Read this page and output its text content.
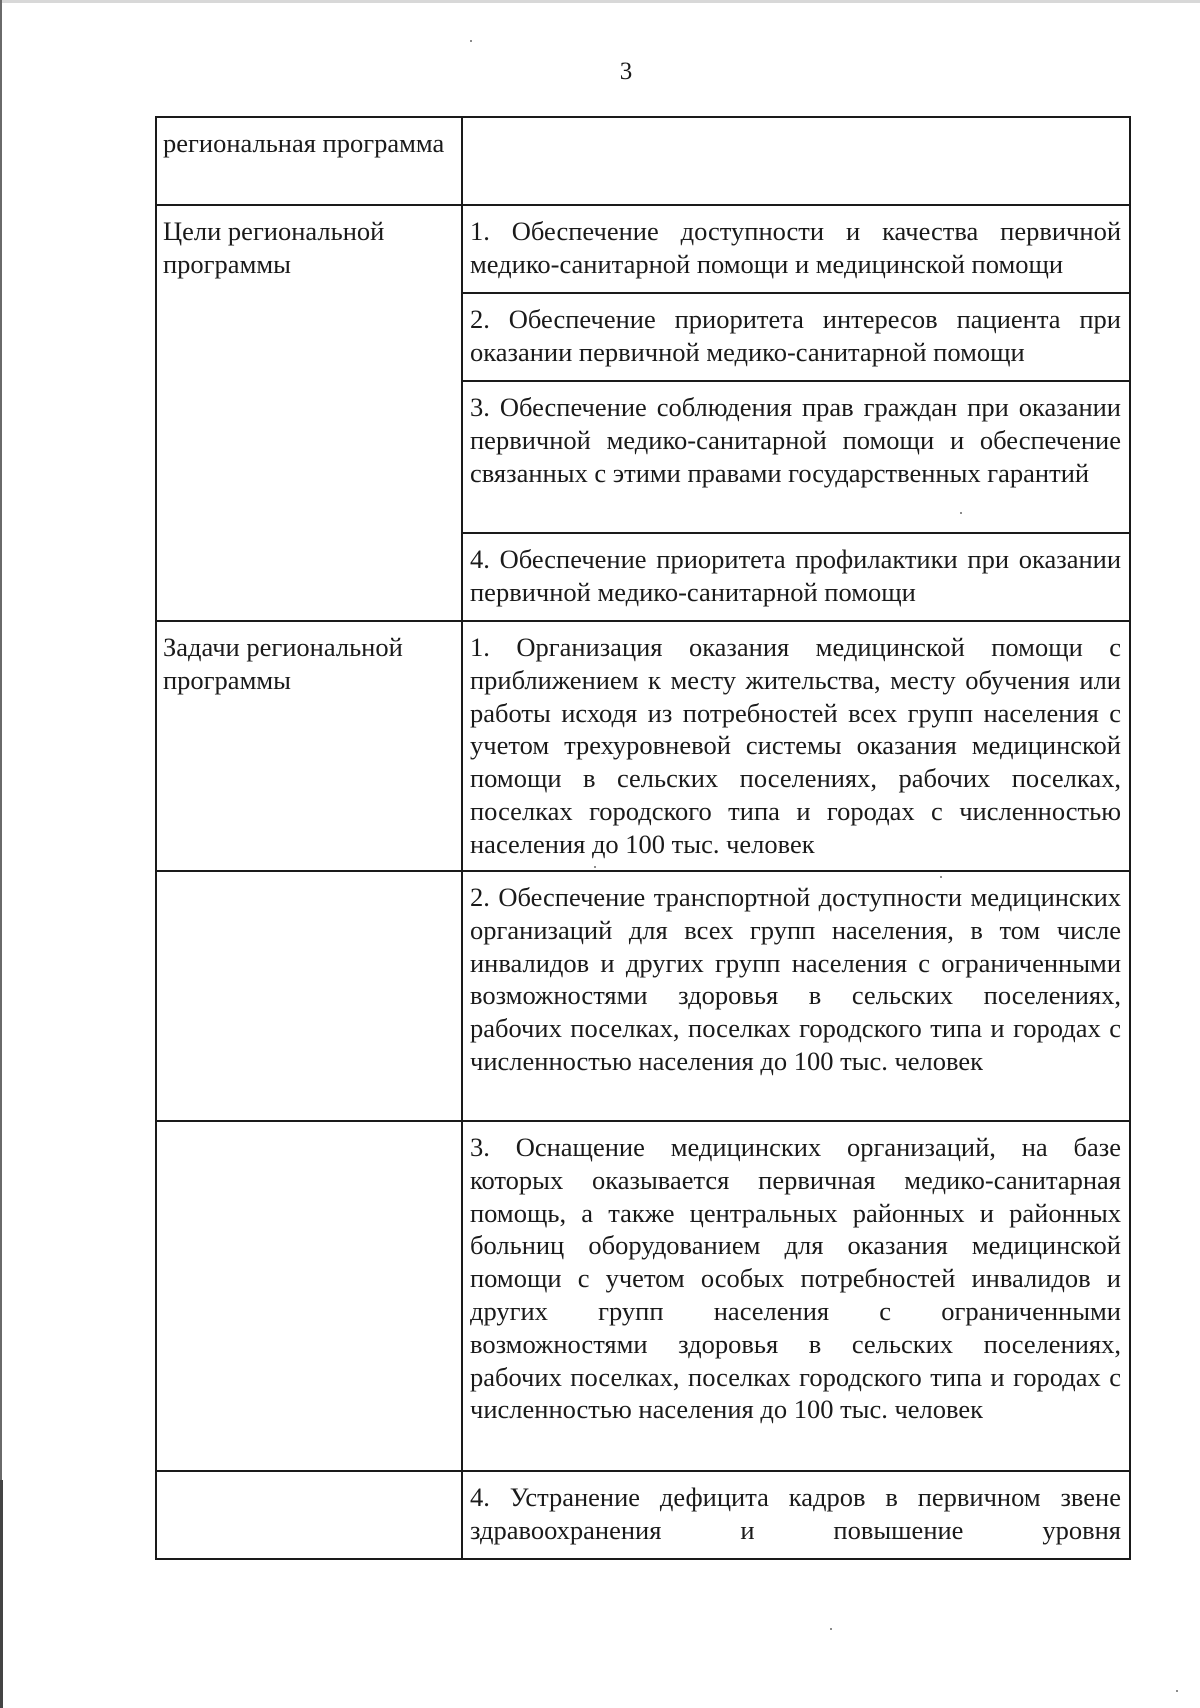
3
региональная программа	

Цели региональной программы	1. Обеспечение доступности и качества первичной медико-санитарной помощи и медицинской помощи

	2. Обеспечение приоритета интересов пациента при оказании первичной медико-санитарной помощи

	3. Обеспечение соблюдения прав граждан при оказании первичной медико-санитарной помощи и обеспечение связанных с этими правами государственных гарантий

	4. Обеспечение приоритета профилактики при оказании первичной медико-санитарной помощи

Задачи региональной программы	1. Организация оказания медицинской помощи с приближением к месту жительства, месту обучения или работы исходя из потребностей всех групп населения с учетом трехуровневой системы оказания медицинской помощи в сельских поселениях, рабочих поселках, поселках городского типа и городах с численностью населения до 100 тыс. человек

	2. Обеспечение транспортной доступности медицинских организаций для всех групп населения, в том числе инвалидов и других групп населения с ограниченными возможностями здоровья в сельских поселениях, рабочих поселках, поселках городского типа и городах с численностью населения до 100 тыс. человек

	3. Оснащение медицинских организаций, на базе которых оказывается первичная медико-санитарная помощь, а также центральных районных и районных больниц оборудованием для оказания медицинской помощи с учетом особых потребностей инвалидов и других групп населения с ограниченными возможностями здоровья в сельских поселениях, рабочих поселках, поселках городского типа и городах с численностью населения до 100 тыс. человек

	4. Устранение дефицита кадров в первичном звене здравоохранения и повышение уровня
